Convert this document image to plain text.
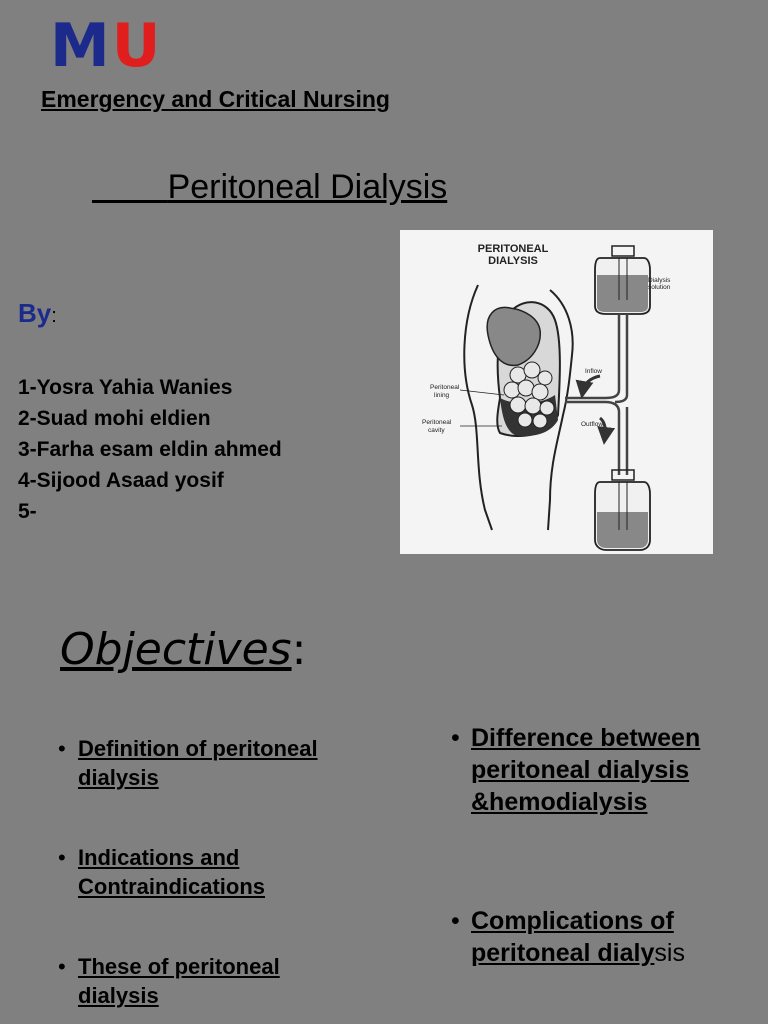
MU
Emergency and Critical Nursing
Peritoneal Dialysis
By:
1-Yosra Yahia Wanies
2-Suad mohi eldien
3-Farha esam eldin ahmed
4-Sijood Asaad yosif
5-
PERITONEAL
DIALYSIS
Peritoneal
lining
Peritoneal
cavity
Dialysis
solution
Inflow
Outflow
Objectives:
• Definition of peritoneal dialysis
• Indications and Contraindications
• These of peritoneal dialysis
• Difference between peritoneal dialysis &hemodialysis
• Complications of peritoneal dialysis
